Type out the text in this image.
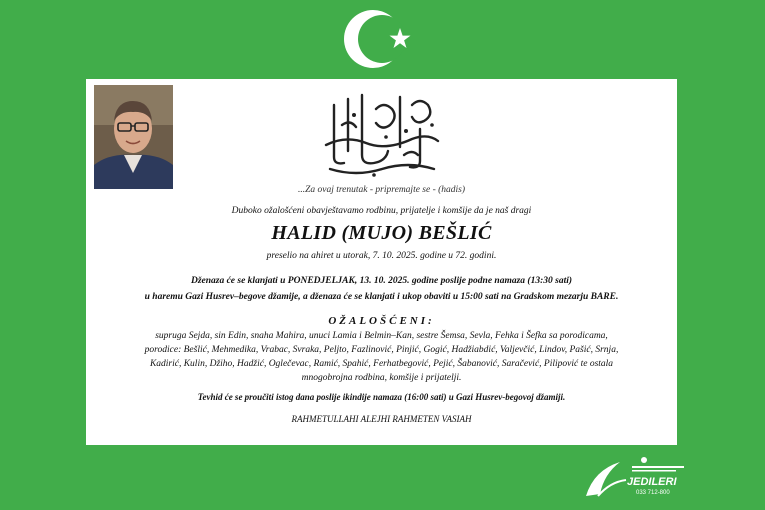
...Za ovaj trenutak - pripremajte se - (hadis)
Duboko ožalošćeni obavještavamo rodbinu, prijatelje i komšije da je naš dragi
HALID (MUJO) BEŠLIĆ
preselio na ahiret u utorak, 7. 10. 2025. godine u 72. godini.
Dženaza će se klanjati u PONEDJELJAK, 13. 10. 2025. godine poslije podne namaza (13:30 sati)
u haremu Gazi Husrev–begove džamije, a dženaza će se klanjati i ukop obaviti u 15:00 sati na Gradskom mezarju BARE.
OŽALOŠĆENI:
supruga Sejda, sin Edin, snaha Mahira, unuci Lamia i Belmin–Kan, sestre Šemsa, Sevla, Fehka i Šefka sa porodicama,
porodice: Bešlić, Mehmedika, Vrabac, Svraka, Peljto, Fazlinović, Pinjić, Gogić, Hadžiabdić, Valjevčić, Lindov, Pašić, Srnja,
Kadirić, Kulin, Džiho, Hadžić, Oglečevac, Ramić, Spahić, Ferhatbegović, Pejić, Šabanović, Saračević, Pilipović te ostala
mnogobrojna rodbina, komšije i prijatelji.
Tevhid će se proučiti istog dana poslije ikindije namaza (16:00 sati) u Gazi Husrev-begovoj džamiji.
RAHMETULLAHI ALEJHI RAHMETEN VASIAH
JEDILERI
033 712-800
